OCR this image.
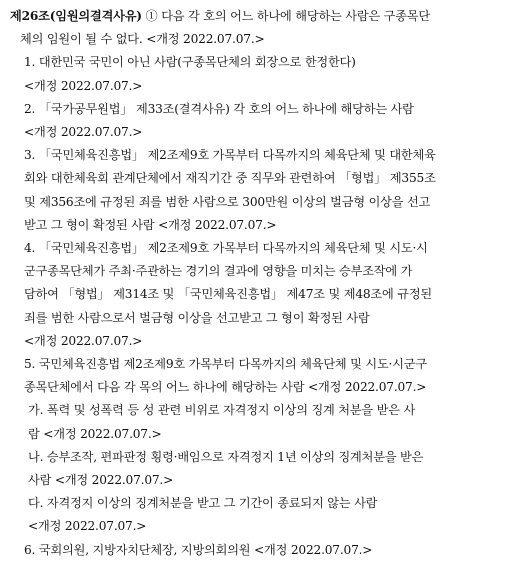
제26조(임원의결격사유) ① 다음 각 호의 어느 하나에 해당하는 사람은 구종목단
체의 임원이 될 수 없다. <개정 2022.07.07.>
1. 대한민국 국민이 아닌 사람(구종목단체의 회장으로 한정한다)
<개정 2022.07.07.>
2. 「국가공무원법」 제33조(결격사유) 각 호의 어느 하나에 해당하는 사람
<개정 2022.07.07.>
3. 「국민체육진흥법」 제2조제9호 가목부터 다목까지의 체육단체 및 대한체육
회와 대한체육회 관계단체에서 재직기간 중 직무와 관련하여 「형법」 제355조
및 제356조에 규정된 죄를 범한 사람으로 300만원 이상의 벌금형 이상을 선고
받고 그 형이 확정된 사람 <개정 2022.07.07.>
4. 「국민체육진흥법」 제2조제9호 가목부터 다목까지의 체육단체 및 시도·시
군구종목단체가 주최·주관하는 경기의 결과에 영향을 미치는 승부조작에 가
담하여 「형법」 제314조 및 「국민체육진흥법」 제47조 및 제48조에 규정된
죄를 범한 사람으로서 벌금형 이상을 선고받고 그 형이 확정된 사람
<개정 2022.07.07.>
5. 국민체육진흥법 제2조제9호 가목부터 다목까지의 체육단체 및 시도·시군구
종목단체에서 다음 각 목의 어느 하나에 해당하는 사람 <개정 2022.07.07.>
가. 폭력 및 성폭력 등 성 관련 비위로 자격정지 이상의 징계 처분을 받은 사
람 <개정 2022.07.07.>
나. 승부조작, 편파판정 횡령·배임으로 자격정지 1년 이상의 징계처분을 받은
사람 <개정 2022.07.07.>
다. 자격정지 이상의 징계처분을 받고 그 기간이 종료되지 않는 사람
<개정 2022.07.07.>
6. 국회의원, 지방자치단체장, 지방의회의원 <개정 2022.07.07.>
